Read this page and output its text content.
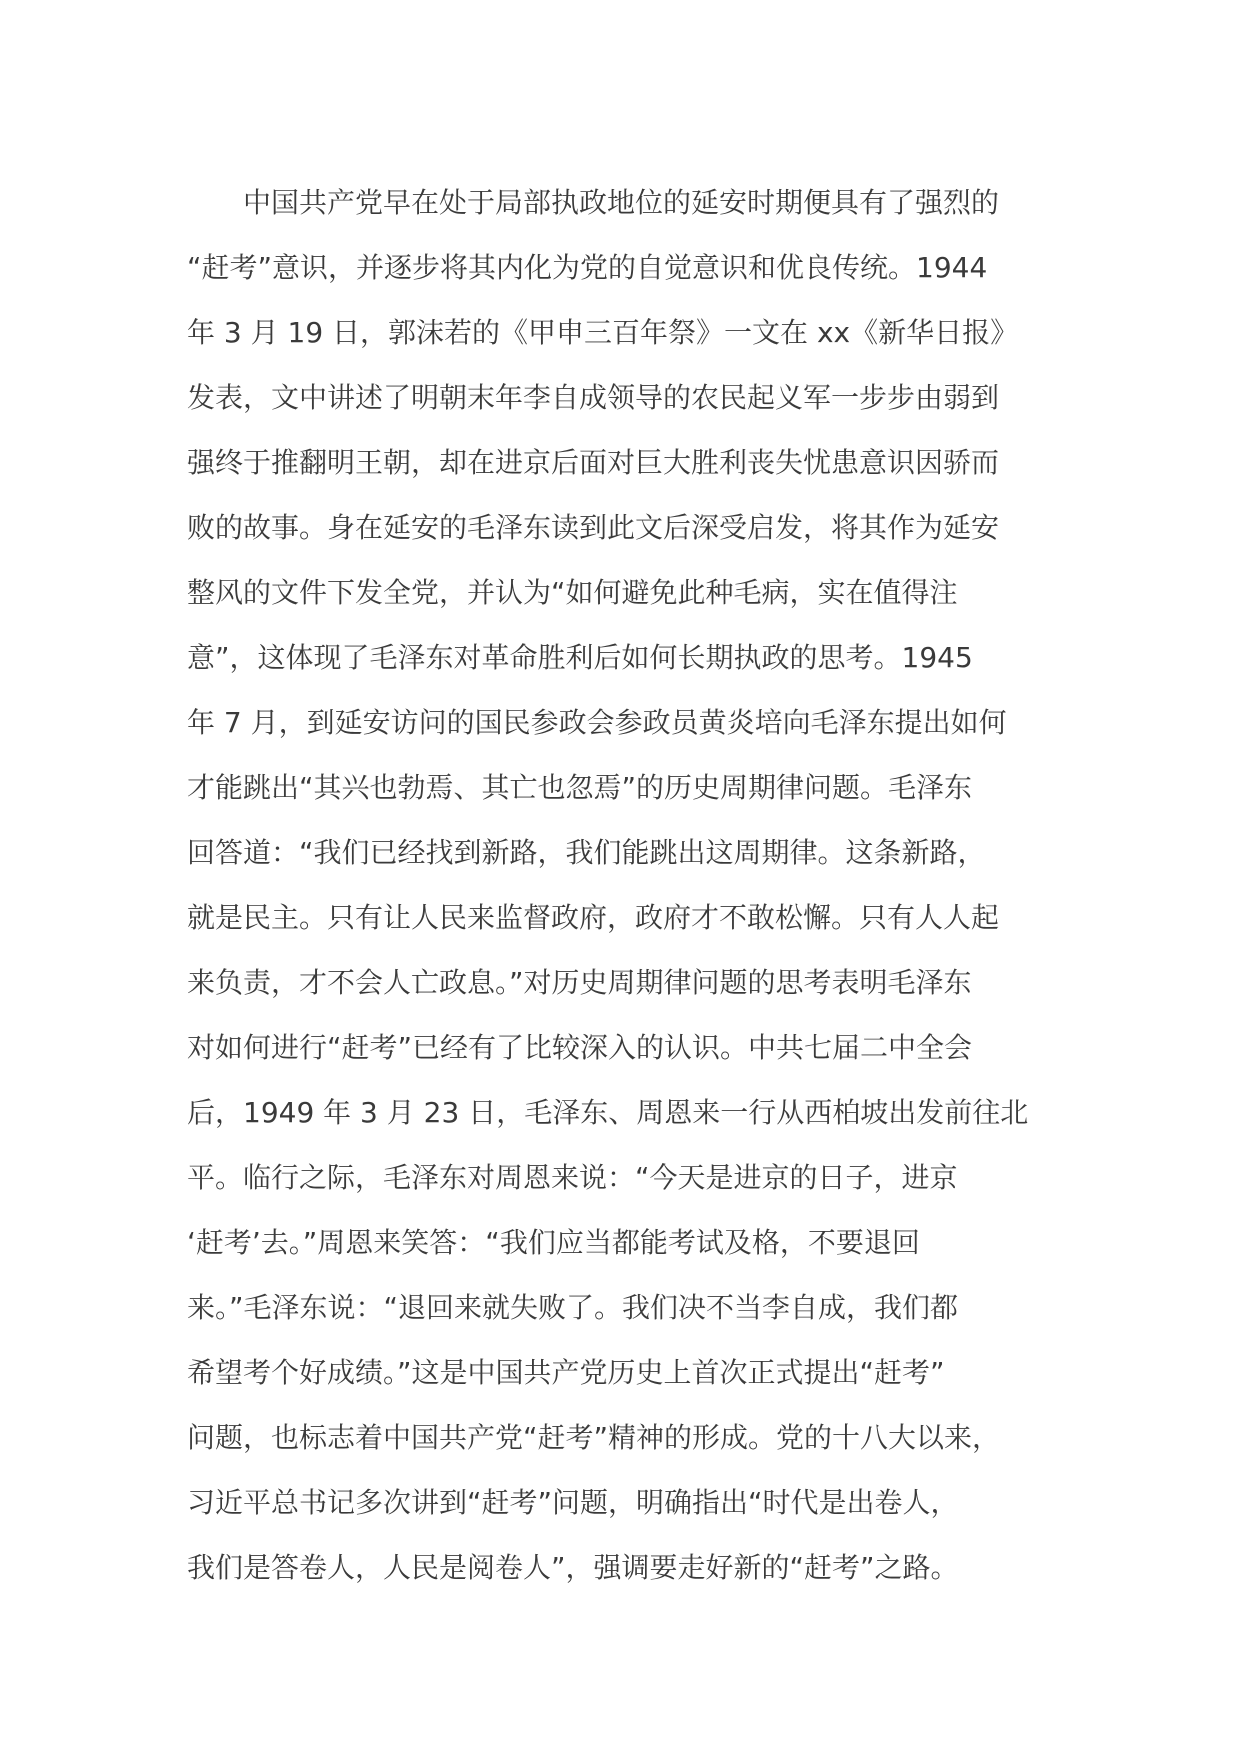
　　中国共产党早在处于局部执政地位的延安时期便具有了强烈的
“赶考”意识，并逐步将其内化为党的自觉意识和优良传统。1944
年 3 月 19 日，郭沫若的《甲申三百年祭》一文在 xx《新华日报》
发表，文中讲述了明朝末年李自成领导的农民起义军一步步由弱到
强终于推翻明王朝，却在进京后面对巨大胜利丧失忧患意识因骄而
败的故事。身在延安的毛泽东读到此文后深受启发，将其作为延安
整风的文件下发全党，并认为“如何避免此种毛病，实在值得注
意”，这体现了毛泽东对革命胜利后如何长期执政的思考。1945
年 7 月，到延安访问的国民参政会参政员黄炎培向毛泽东提出如何
才能跳出“其兴也勃焉、其亡也忽焉”的历史周期律问题。毛泽东
回答道：“我们已经找到新路，我们能跳出这周期律。这条新路，
就是民主。只有让人民来监督政府，政府才不敢松懈。只有人人起
来负责，才不会人亡政息。”对历史周期律问题的思考表明毛泽东
对如何进行“赶考”已经有了比较深入的认识。中共七届二中全会
后，1949 年 3 月 23 日，毛泽东、周恩来一行从西柏坡出发前往北
平。临行之际，毛泽东对周恩来说：“今天是进京的日子，进京
‘赶考’去。”周恩来笑答：“我们应当都能考试及格，不要退回
来。”毛泽东说：“退回来就失败了。我们决不当李自成，我们都
希望考个好成绩。”这是中国共产党历史上首次正式提出“赶考”
问题，也标志着中国共产党“赶考”精神的形成。党的十八大以来，
习近平总书记多次讲到“赶考”问题，明确指出“时代是出卷人，
我们是答卷人，人民是阅卷人”，强调要走好新的“赶考”之路。
